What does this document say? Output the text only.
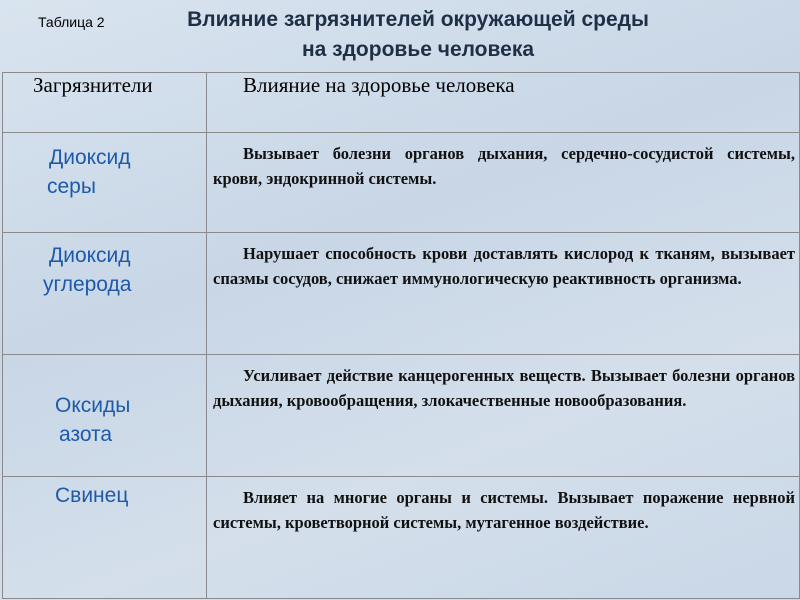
Таблица 2	Влияние загрязнителей окружающей среды
на здоровье человека
Загрязнители	Влияние на здоровье человека

Диоксид
серы	Вызывает болезни органов дыхания, сердечно-сосудистой системы, крови, эндокринной системы.

Диоксид
углерода	Нарушает способность крови доставлять кислород к тканям, вызывает спазмы сосудов, снижает иммунологическую реактивность организма.

Оксиды
азота	Усиливает действие канцерогенных веществ. Вызывает болезни органов дыхания, кровообращения, злокачественные новообразования.

Свинец	Влияет на многие органы и системы. Вызывает поражение нервной системы, кроветворной системы, мутагенное воздействие.
